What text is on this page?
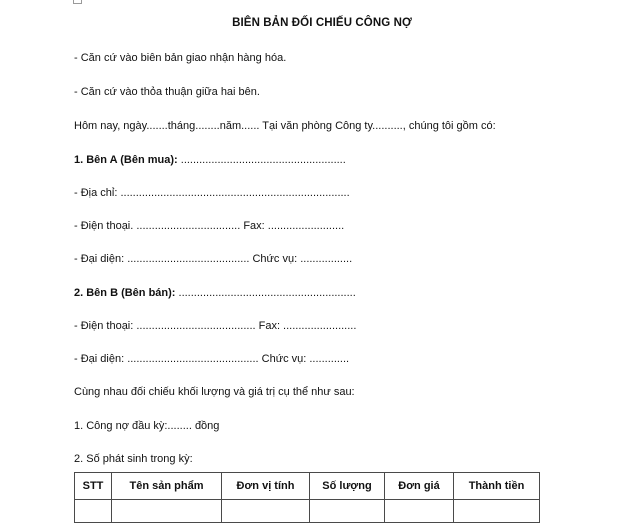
BIÊN BẢN ĐỐI CHIẾU CÔNG NỢ
- Căn cứ vào biên bản giao nhận hàng hóa.
- Căn cứ vào thỏa thuận giữa hai bên.
Hôm nay, ngày.......tháng........năm...... Tại văn phòng Công ty.........., chúng tôi gồm có:
1. Bên A (Bên mua): ......................................................
- Địa chỉ: ...........................................................................
- Điện thoại. .................................. Fax: .........................
- Đại diện: ........................................ Chức vụ: .................
2. Bên B (Bên bán): ..........................................................
- Điện thoại: ....................................... Fax: ........................
- Đại diện: ........................................... Chức vụ: .............
Cùng nhau đối chiếu khối lượng và giá trị cụ thể như sau:
1. Công nợ đầu kỳ:........ đồng
2. Số phát sinh trong kỳ:
STT	Tên sản phẩm	Đơn vị tính	Số lượng	Đơn giá	Thành tiền
